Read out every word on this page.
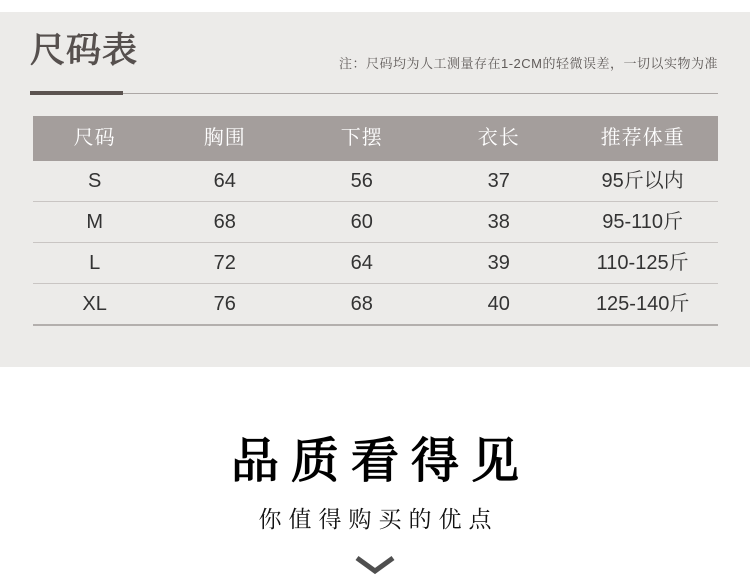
尺码表	注：尺码均为人工测量存在1-2CM的轻微误差，一切以实物为准

尺码	胸围	下摆	衣长	推荐体重
S	64	56	37	95斤以内
M	68	60	38	95-110斤
L	72	64	39	110-125斤
XL	76	68	40	125-140斤
品质看得见

你值得购买的优点
